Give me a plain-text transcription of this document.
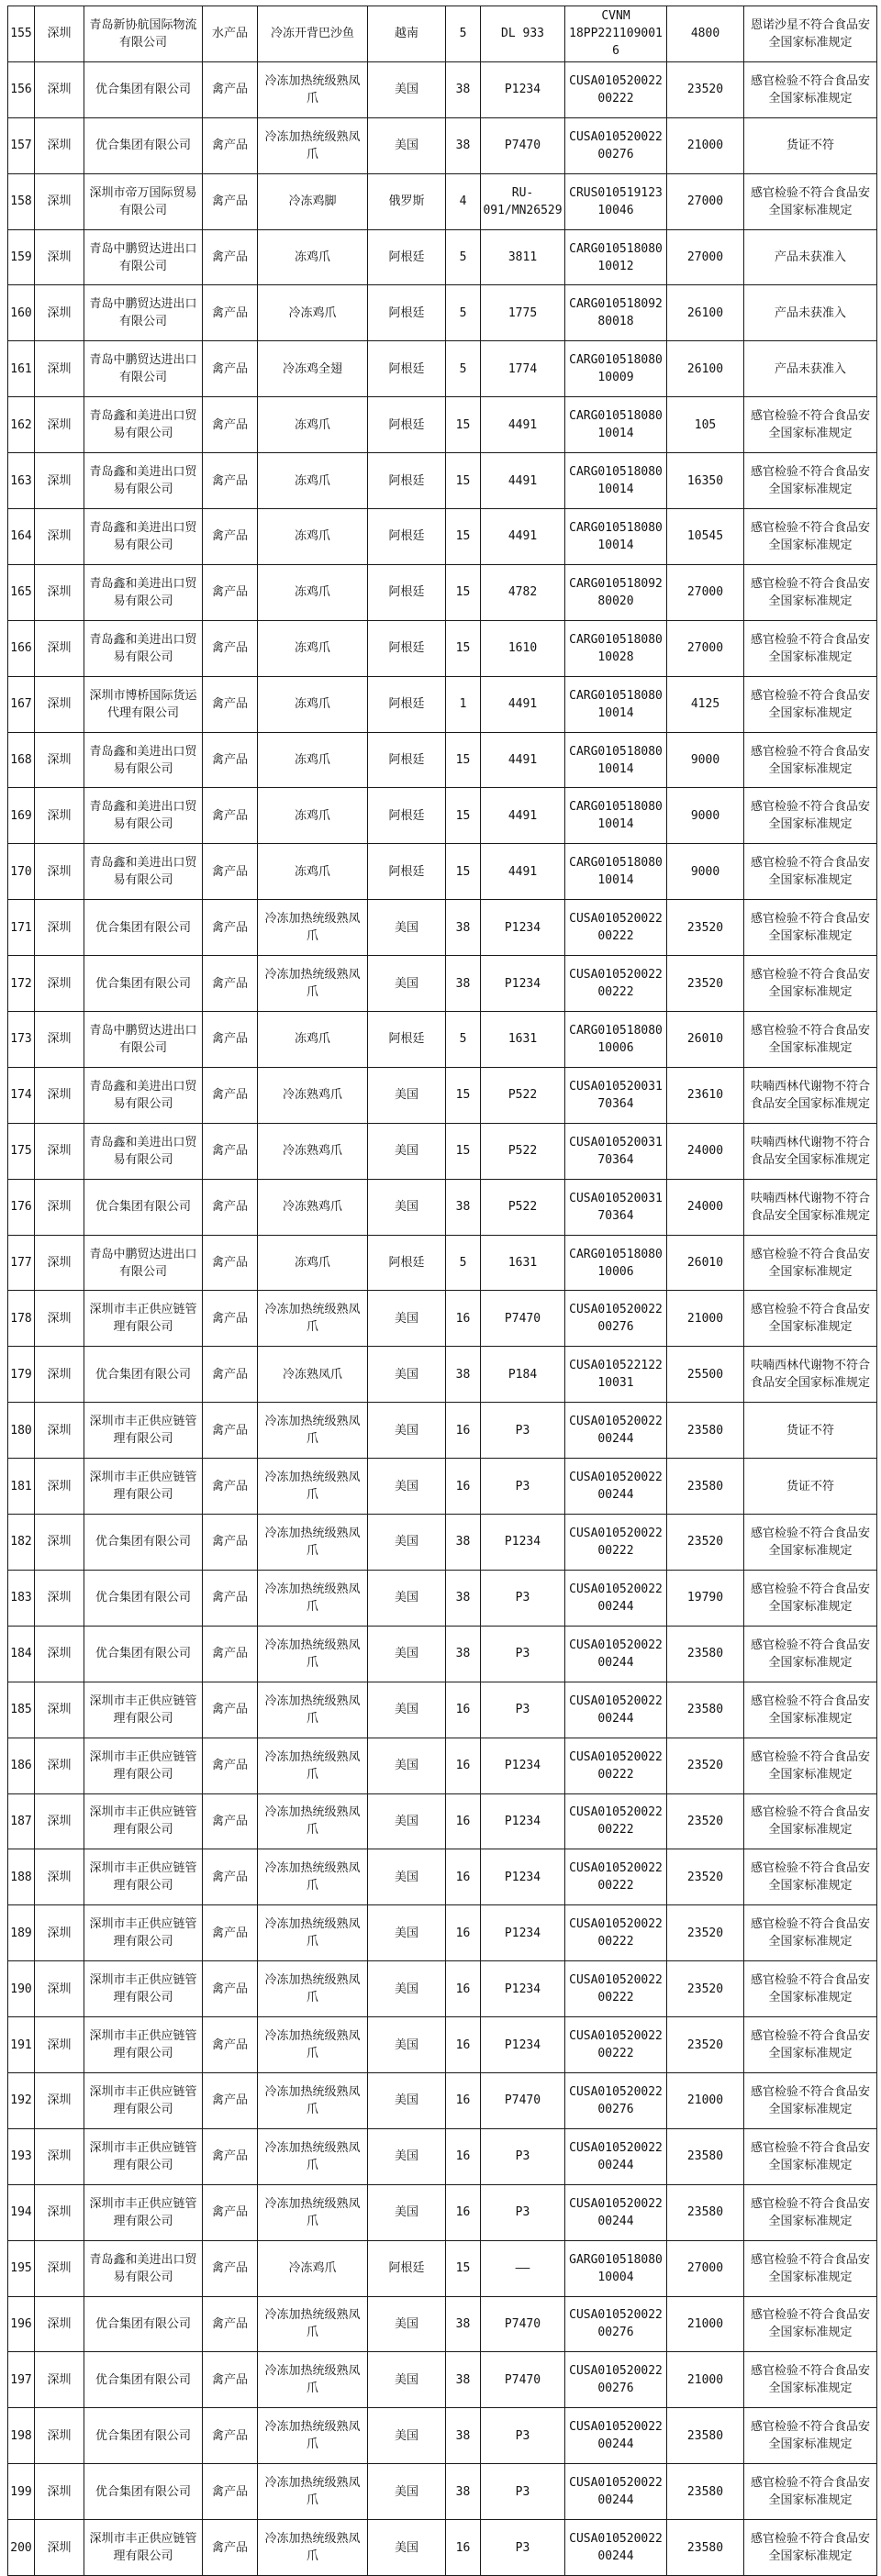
155	深圳	青岛新协航国际物流有限公司	水产品	冷冻开背巴沙鱼	越南	5	DL 933	CVNM 18PP2211090016	4800	恩诺沙星不符合食品安全国家标准规定
156	深圳	优合集团有限公司	禽产品	冷冻加热统级熟凤爪	美国	38	P1234	CUSA01052002200222	23520	感官检验不符合食品安全国家标准规定
157	深圳	优合集团有限公司	禽产品	冷冻加热统级熟凤爪	美国	38	P7470	CUSA01052002200276	21000	货证不符
158	深圳	深圳市帝万国际贸易有限公司	禽产品	冷冻鸡脚	俄罗斯	4	RU-091/MN26529	CRUS01051912310046	27000	感官检验不符合食品安全国家标准规定
159	深圳	青岛中鹏贸达进出口有限公司	禽产品	冻鸡爪	阿根廷	5	3811	CARG01051808010012	27000	产品未获准入
160	深圳	青岛中鹏贸达进出口有限公司	禽产品	冷冻鸡爪	阿根廷	5	1775	CARG01051809280018	26100	产品未获准入
161	深圳	青岛中鹏贸达进出口有限公司	禽产品	冷冻鸡全翅	阿根廷	5	1774	CARG01051808010009	26100	产品未获准入
162	深圳	青岛鑫和美进出口贸易有限公司	禽产品	冻鸡爪	阿根廷	15	4491	CARG01051808010014	105	感官检验不符合食品安全国家标准规定
163	深圳	青岛鑫和美进出口贸易有限公司	禽产品	冻鸡爪	阿根廷	15	4491	CARG01051808010014	16350	感官检验不符合食品安全国家标准规定
164	深圳	青岛鑫和美进出口贸易有限公司	禽产品	冻鸡爪	阿根廷	15	4491	CARG01051808010014	10545	感官检验不符合食品安全国家标准规定
165	深圳	青岛鑫和美进出口贸易有限公司	禽产品	冻鸡爪	阿根廷	15	4782	CARG01051809280020	27000	感官检验不符合食品安全国家标准规定
166	深圳	青岛鑫和美进出口贸易有限公司	禽产品	冻鸡爪	阿根廷	15	1610	CARG01051808010028	27000	感官检验不符合食品安全国家标准规定
167	深圳	深圳市博桥国际货运代理有限公司	禽产品	冻鸡爪	阿根廷	1	4491	CARG01051808010014	4125	感官检验不符合食品安全国家标准规定
168	深圳	青岛鑫和美进出口贸易有限公司	禽产品	冻鸡爪	阿根廷	15	4491	CARG01051808010014	9000	感官检验不符合食品安全国家标准规定
169	深圳	青岛鑫和美进出口贸易有限公司	禽产品	冻鸡爪	阿根廷	15	4491	CARG01051808010014	9000	感官检验不符合食品安全国家标准规定
170	深圳	青岛鑫和美进出口贸易有限公司	禽产品	冻鸡爪	阿根廷	15	4491	CARG01051808010014	9000	感官检验不符合食品安全国家标准规定
171	深圳	优合集团有限公司	禽产品	冷冻加热统级熟凤爪	美国	38	P1234	CUSA01052002200222	23520	感官检验不符合食品安全国家标准规定
172	深圳	优合集团有限公司	禽产品	冷冻加热统级熟凤爪	美国	38	P1234	CUSA01052002200222	23520	感官检验不符合食品安全国家标准规定
173	深圳	青岛中鹏贸达进出口有限公司	禽产品	冻鸡爪	阿根廷	5	1631	CARG01051808010006	26010	感官检验不符合食品安全国家标准规定
174	深圳	青岛鑫和美进出口贸易有限公司	禽产品	冷冻熟鸡爪	美国	15	P522	CUSA01052003170364	23610	呋喃西林代谢物不符合食品安全国家标准规定
175	深圳	青岛鑫和美进出口贸易有限公司	禽产品	冷冻熟鸡爪	美国	15	P522	CUSA01052003170364	24000	呋喃西林代谢物不符合食品安全国家标准规定
176	深圳	优合集团有限公司	禽产品	冷冻熟鸡爪	美国	38	P522	CUSA01052003170364	24000	呋喃西林代谢物不符合食品安全国家标准规定
177	深圳	青岛中鹏贸达进出口有限公司	禽产品	冻鸡爪	阿根廷	5	1631	CARG01051808010006	26010	感官检验不符合食品安全国家标准规定
178	深圳	深圳市丰正供应链管理有限公司	禽产品	冷冻加热统级熟凤爪	美国	16	P7470	CUSA01052002200276	21000	感官检验不符合食品安全国家标准规定
179	深圳	优合集团有限公司	禽产品	冷冻熟凤爪	美国	38	P184	CUSA01052212210031	25500	呋喃西林代谢物不符合食品安全国家标准规定
180	深圳	深圳市丰正供应链管理有限公司	禽产品	冷冻加热统级熟凤爪	美国	16	P3	CUSA01052002200244	23580	货证不符
181	深圳	深圳市丰正供应链管理有限公司	禽产品	冷冻加热统级熟凤爪	美国	16	P3	CUSA01052002200244	23580	货证不符
182	深圳	优合集团有限公司	禽产品	冷冻加热统级熟凤爪	美国	38	P1234	CUSA01052002200222	23520	感官检验不符合食品安全国家标准规定
183	深圳	优合集团有限公司	禽产品	冷冻加热统级熟凤爪	美国	38	P3	CUSA01052002200244	19790	感官检验不符合食品安全国家标准规定
184	深圳	优合集团有限公司	禽产品	冷冻加热统级熟凤爪	美国	38	P3	CUSA01052002200244	23580	感官检验不符合食品安全国家标准规定
185	深圳	深圳市丰正供应链管理有限公司	禽产品	冷冻加热统级熟凤爪	美国	16	P3	CUSA01052002200244	23580	感官检验不符合食品安全国家标准规定
186	深圳	深圳市丰正供应链管理有限公司	禽产品	冷冻加热统级熟凤爪	美国	16	P1234	CUSA01052002200222	23520	感官检验不符合食品安全国家标准规定
187	深圳	深圳市丰正供应链管理有限公司	禽产品	冷冻加热统级熟凤爪	美国	16	P1234	CUSA01052002200222	23520	感官检验不符合食品安全国家标准规定
188	深圳	深圳市丰正供应链管理有限公司	禽产品	冷冻加热统级熟凤爪	美国	16	P1234	CUSA01052002200222	23520	感官检验不符合食品安全国家标准规定
189	深圳	深圳市丰正供应链管理有限公司	禽产品	冷冻加热统级熟凤爪	美国	16	P1234	CUSA01052002200222	23520	感官检验不符合食品安全国家标准规定
190	深圳	深圳市丰正供应链管理有限公司	禽产品	冷冻加热统级熟凤爪	美国	16	P1234	CUSA01052002200222	23520	感官检验不符合食品安全国家标准规定
191	深圳	深圳市丰正供应链管理有限公司	禽产品	冷冻加热统级熟凤爪	美国	16	P1234	CUSA01052002200222	23520	感官检验不符合食品安全国家标准规定
192	深圳	深圳市丰正供应链管理有限公司	禽产品	冷冻加热统级熟凤爪	美国	16	P7470	CUSA01052002200276	21000	感官检验不符合食品安全国家标准规定
193	深圳	深圳市丰正供应链管理有限公司	禽产品	冷冻加热统级熟凤爪	美国	16	P3	CUSA01052002200244	23580	感官检验不符合食品安全国家标准规定
194	深圳	深圳市丰正供应链管理有限公司	禽产品	冷冻加热统级熟凤爪	美国	16	P3	CUSA01052002200244	23580	感官检验不符合食品安全国家标准规定
195	深圳	青岛鑫和美进出口贸易有限公司	禽产品	冷冻鸡爪	阿根廷	15	——	GARG01051808010004	27000	感官检验不符合食品安全国家标准规定
196	深圳	优合集团有限公司	禽产品	冷冻加热统级熟凤爪	美国	38	P7470	CUSA01052002200276	21000	感官检验不符合食品安全国家标准规定
197	深圳	优合集团有限公司	禽产品	冷冻加热统级熟凤爪	美国	38	P7470	CUSA01052002200276	21000	感官检验不符合食品安全国家标准规定
198	深圳	优合集团有限公司	禽产品	冷冻加热统级熟凤爪	美国	38	P3	CUSA01052002200244	23580	感官检验不符合食品安全国家标准规定
199	深圳	优合集团有限公司	禽产品	冷冻加热统级熟凤爪	美国	38	P3	CUSA01052002200244	23580	感官检验不符合食品安全国家标准规定
200	深圳	深圳市丰正供应链管理有限公司	禽产品	冷冻加热统级熟凤爪	美国	16	P3	CUSA01052002200244	23580	感官检验不符合食品安全国家标准规定
